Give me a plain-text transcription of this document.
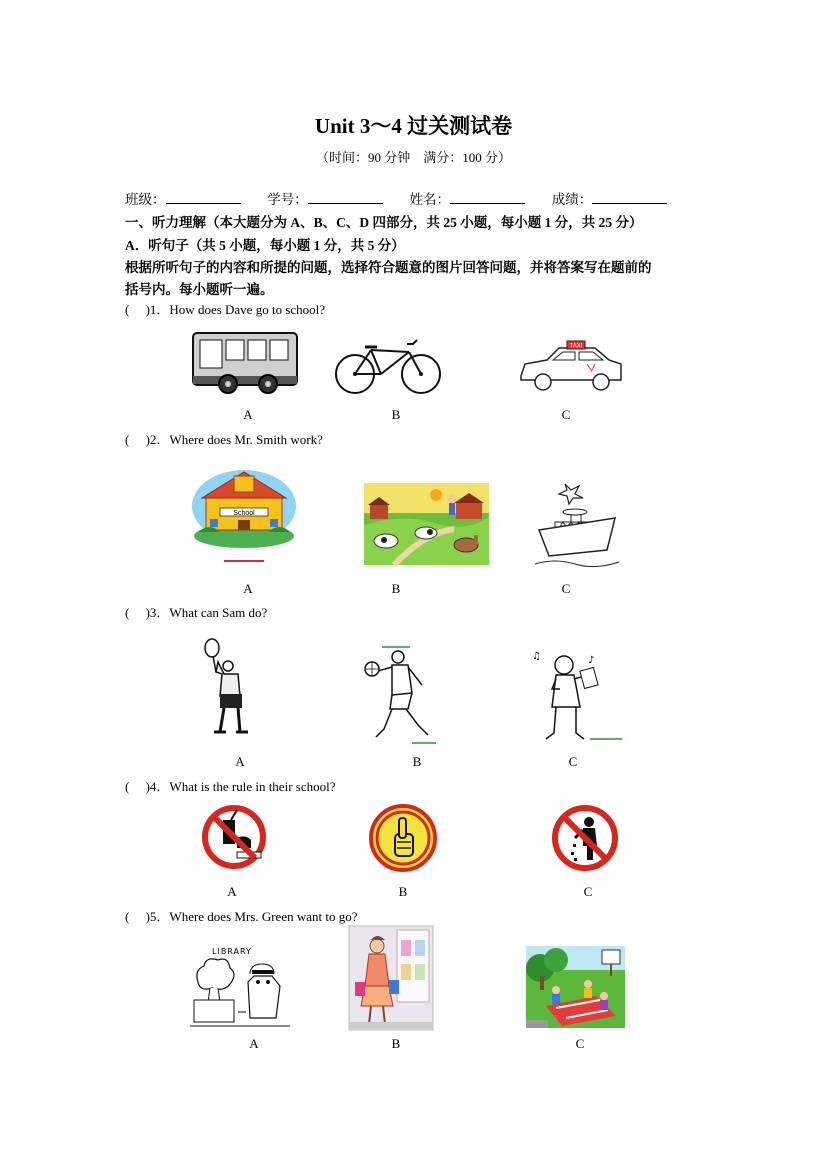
Unit 3～4 过关测试卷
（时间：90 分钟　满分：100 分）
班级：	学号：	姓名：	成绩：
一、听力理解（本大题分为 A、B、C、D 四部分，共 25 小题，每小题 1 分，共 25 分）
A．听句子（共 5 小题，每小题 1 分，共 5 分）
根据所听句子的内容和所提的问题，选择符合题意的图片回答问题，并将答案写在题前的
括号内。每小题听一遍。
(　 )1．How does Dave go to school?
TAXI
A	B	C
(　 )2．Where does Mr. Smith work?
School
A	B	C
(　 )3．What can Sam do?
♫	♪
A	B	C
(　 )4．What is the rule in their school?
A	B	C
(　 )5．Where does Mrs. Green want to go?
LIBRARY
A	B	C
